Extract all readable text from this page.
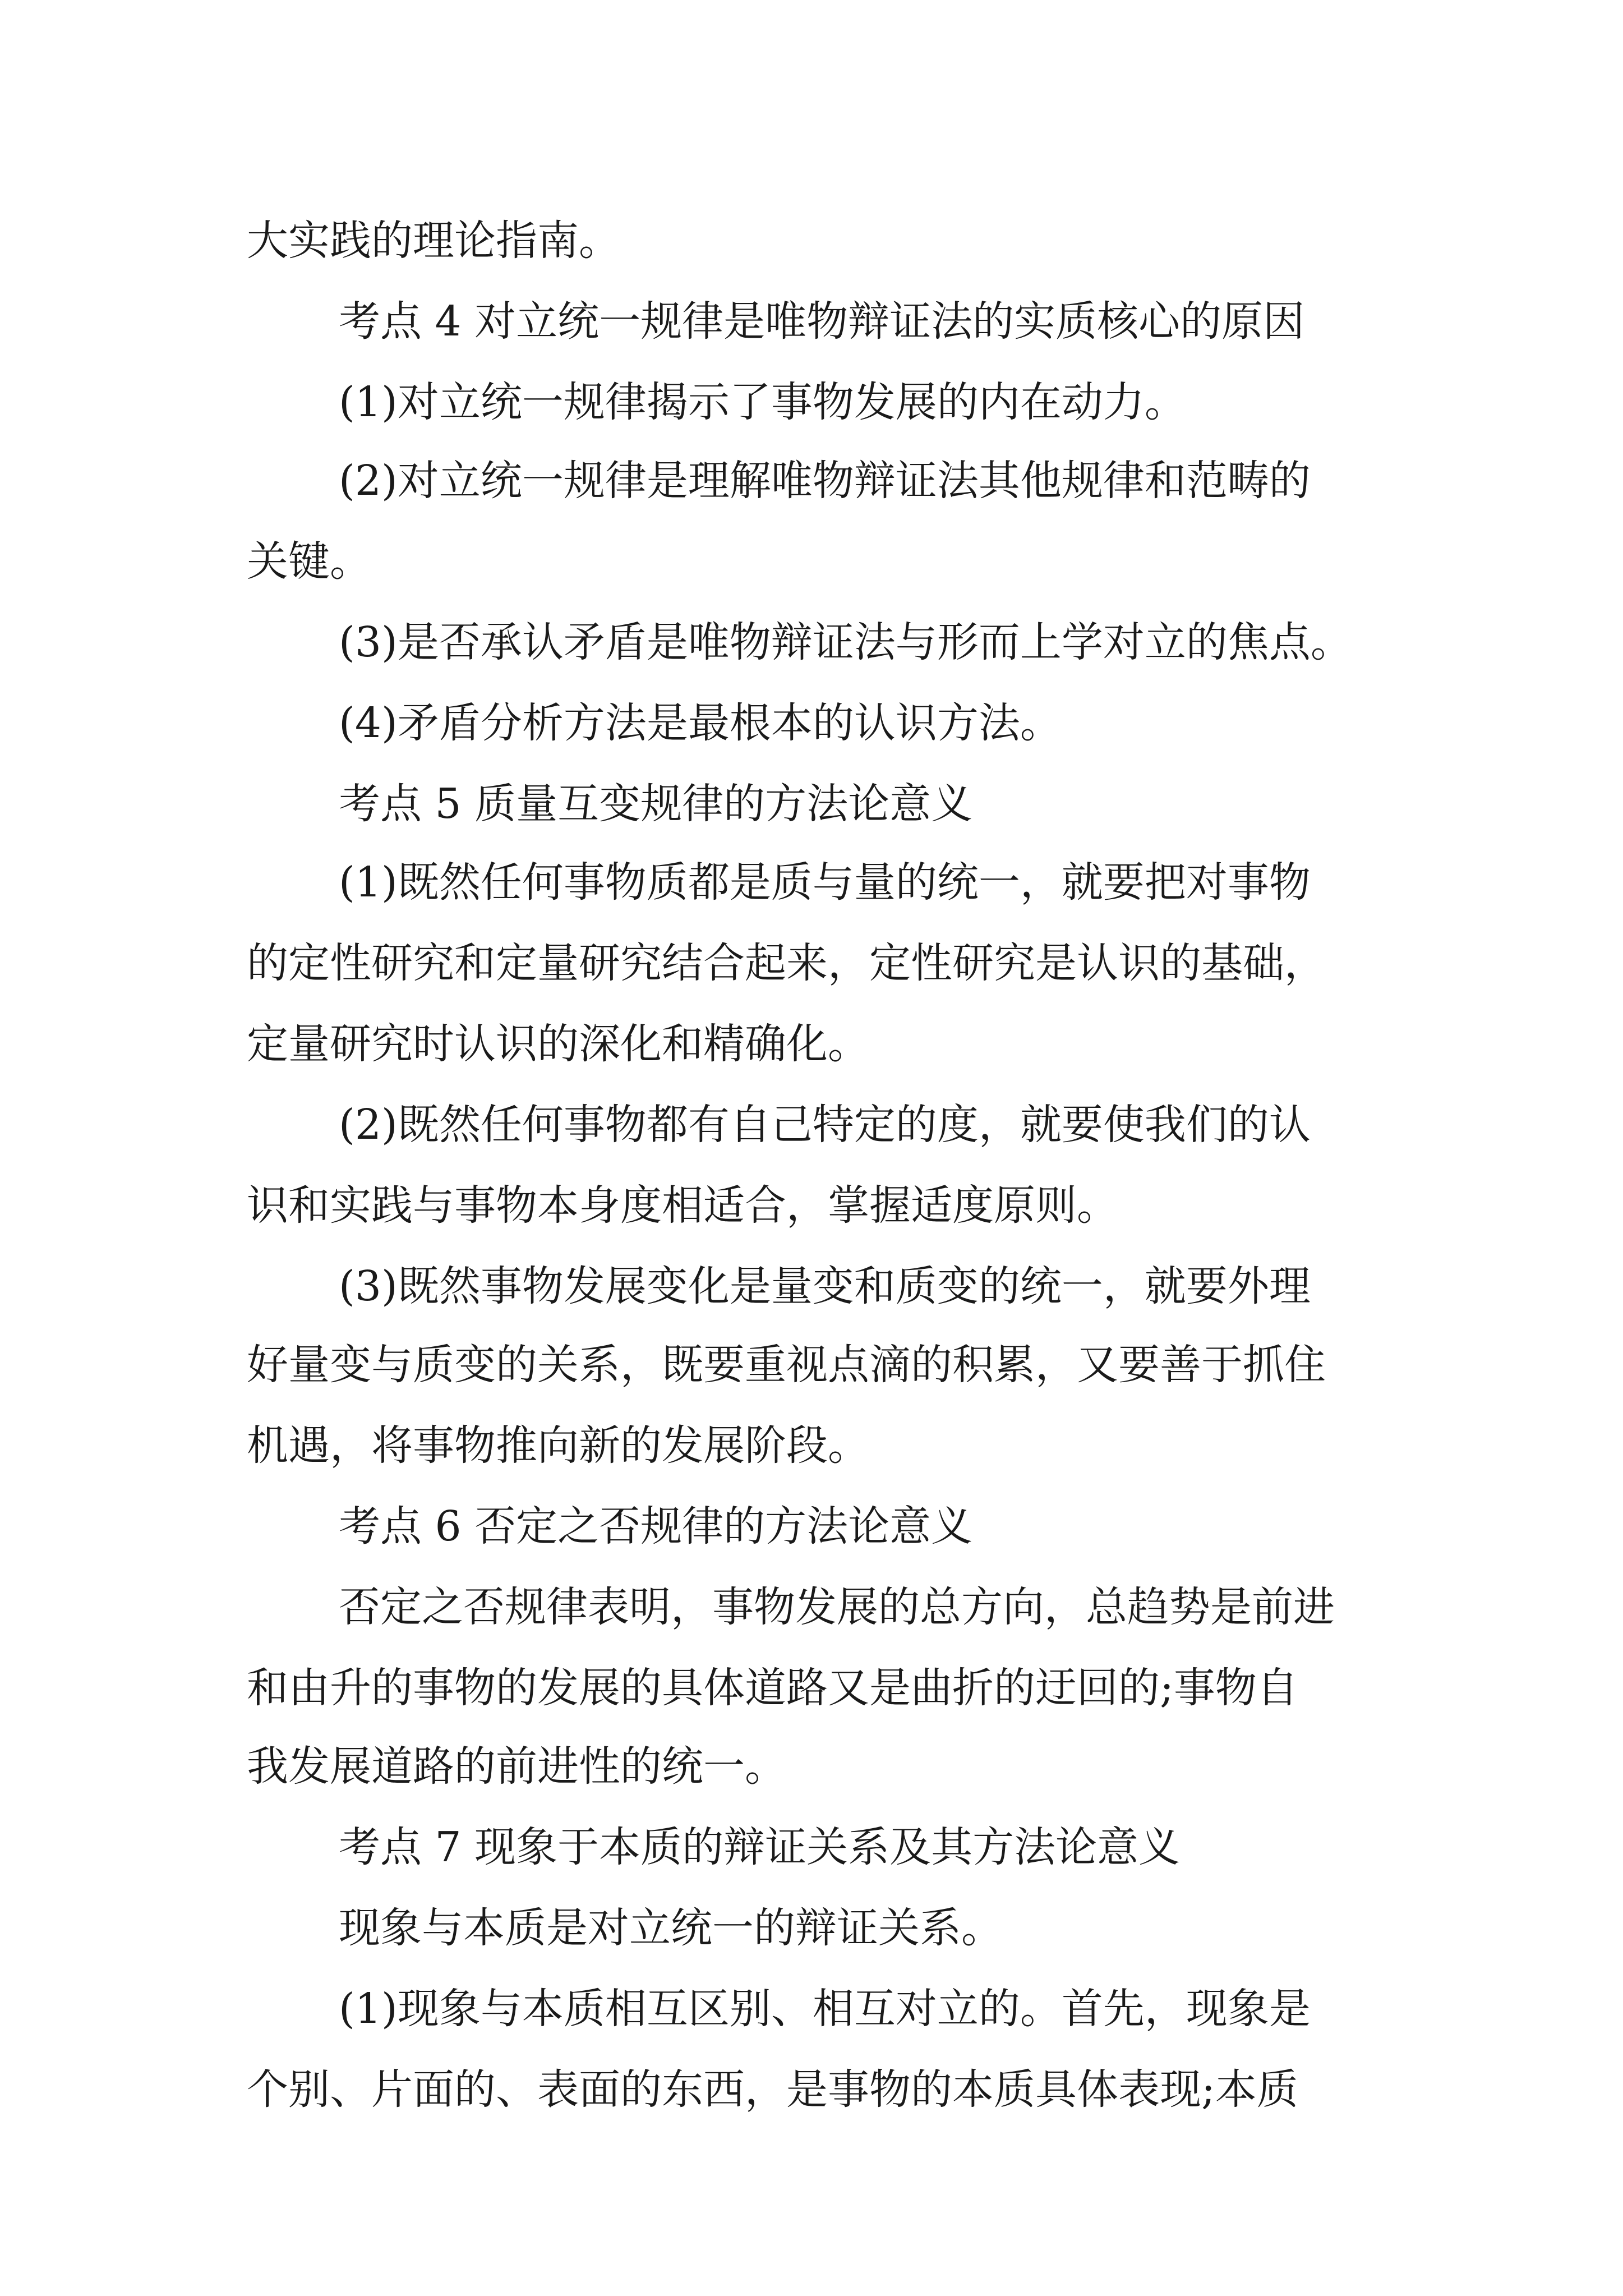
大实践的理论指南。
考点 4 对立统一规律是唯物辩证法的实质核心的原因
(1)对立统一规律揭示了事物发展的内在动力。
(2)对立统一规律是理解唯物辩证法其他规律和范畴的
关键。
(3)是否承认矛盾是唯物辩证法与形而上学对立的焦点。
(4)矛盾分析方法是最根本的认识方法。
考点 5 质量互变规律的方法论意义
(1)既然任何事物质都是质与量的统一，就要把对事物
的定性研究和定量研究结合起来，定性研究是认识的基础，
定量研究时认识的深化和精确化。
(2)既然任何事物都有自己特定的度，就要使我们的认
识和实践与事物本身度相适合，掌握适度原则。
(3)既然事物发展变化是量变和质变的统一，就要外理
好量变与质变的关系，既要重视点滴的积累，又要善于抓住
机遇，将事物推向新的发展阶段。
考点 6 否定之否规律的方法论意义
否定之否规律表明，事物发展的总方向，总趋势是前进
和由升的事物的发展的具体道路又是曲折的迂回的;事物自
我发展道路的前进性的统一。
考点 7 现象于本质的辩证关系及其方法论意义
现象与本质是对立统一的辩证关系。
(1)现象与本质相互区别、相互对立的。首先，现象是
个别、片面的、表面的东西，是事物的本质具体表现;本质
